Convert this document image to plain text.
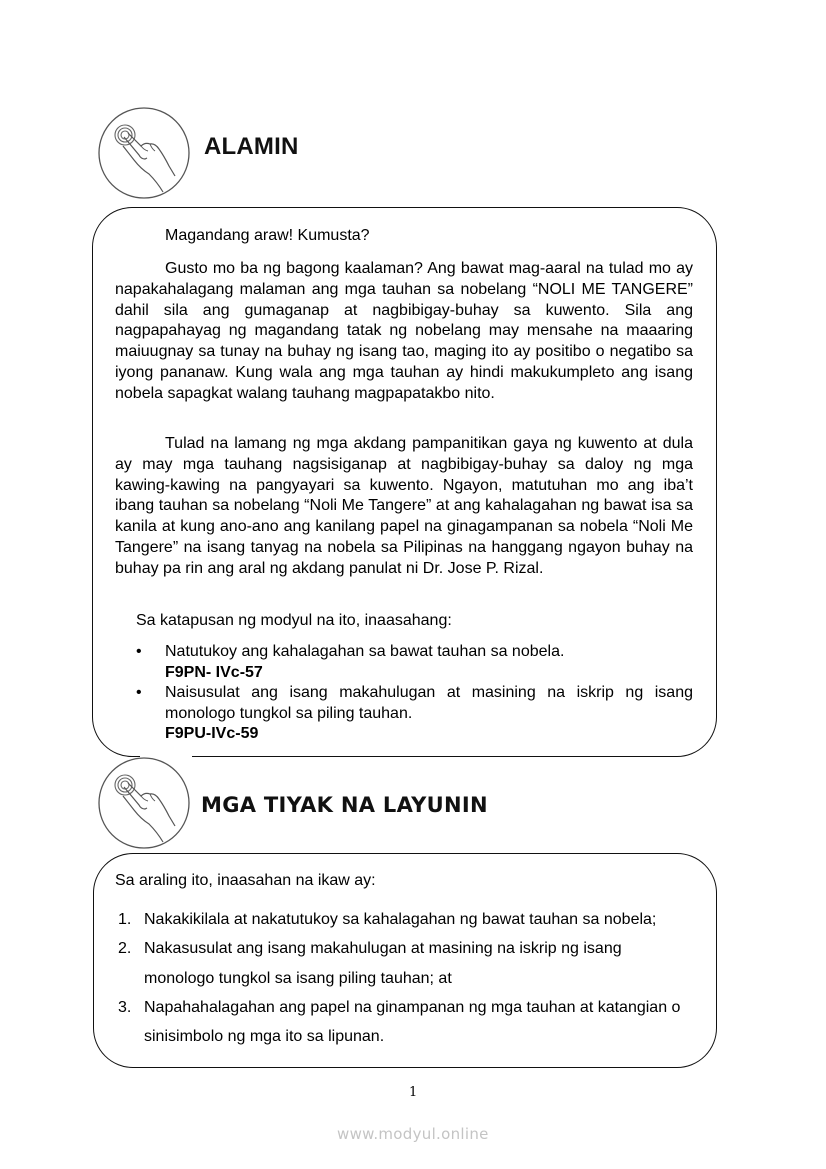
ALAMIN
Magandang araw! Kumusta?
Gusto mo ba ng bagong kaalaman? Ang bawat mag-aaral na tulad mo ay napakahalagang malaman ang mga tauhan sa nobelang “NOLI ME TANGERE” dahil sila ang gumaganap at nagbibigay-buhay sa kuwento. Sila ang nagpapahayag ng magandang tatak ng nobelang may mensahe na maaaring maiuugnay sa tunay na buhay ng isang tao, maging ito ay positibo o negatibo sa iyong pananaw. Kung wala ang mga tauhan ay hindi makukumpleto ang isang nobela sapagkat walang tauhang magpapatakbo nito.
Tulad na lamang ng mga akdang pampanitikan gaya ng kuwento at dula ay may mga tauhang nagsisiganap at nagbibigay-buhay sa daloy ng mga kawing-kawing na pangyayari sa kuwento. Ngayon, matutuhan mo ang iba’t ibang tauhan sa nobelang “Noli Me Tangere” at ang kahalagahan ng bawat isa sa kanila at kung ano-ano ang kanilang papel na ginagampanan sa nobela “Noli Me Tangere” na isang tanyag na nobela sa Pilipinas na hanggang ngayon buhay na buhay pa rin ang aral ng akdang panulat ni Dr. Jose P. Rizal.
Sa katapusan ng modyul na ito, inaasahang:
• Natutukoy ang kahalagahan sa bawat tauhan sa nobela.
F9PN- IVc-57
• Naisusulat ang isang makahulugan at masining na iskrip ng isang monologo tungkol sa piling tauhan.
F9PU-IVc-59
MGA TIYAK NA LAYUNIN
Sa araling ito, inaasahan na ikaw ay:
1. Nakakikilala at nakatutukoy sa kahalagahan ng bawat tauhan sa nobela;
2. Nakasusulat ang isang makahulugan at masining na iskrip ng isang monologo tungkol sa isang piling tauhan; at
3. Napahahalagahan ang papel na ginampanan ng mga tauhan at katangian o sinisimbolo ng mga ito sa lipunan.
1
www.modyul.online
